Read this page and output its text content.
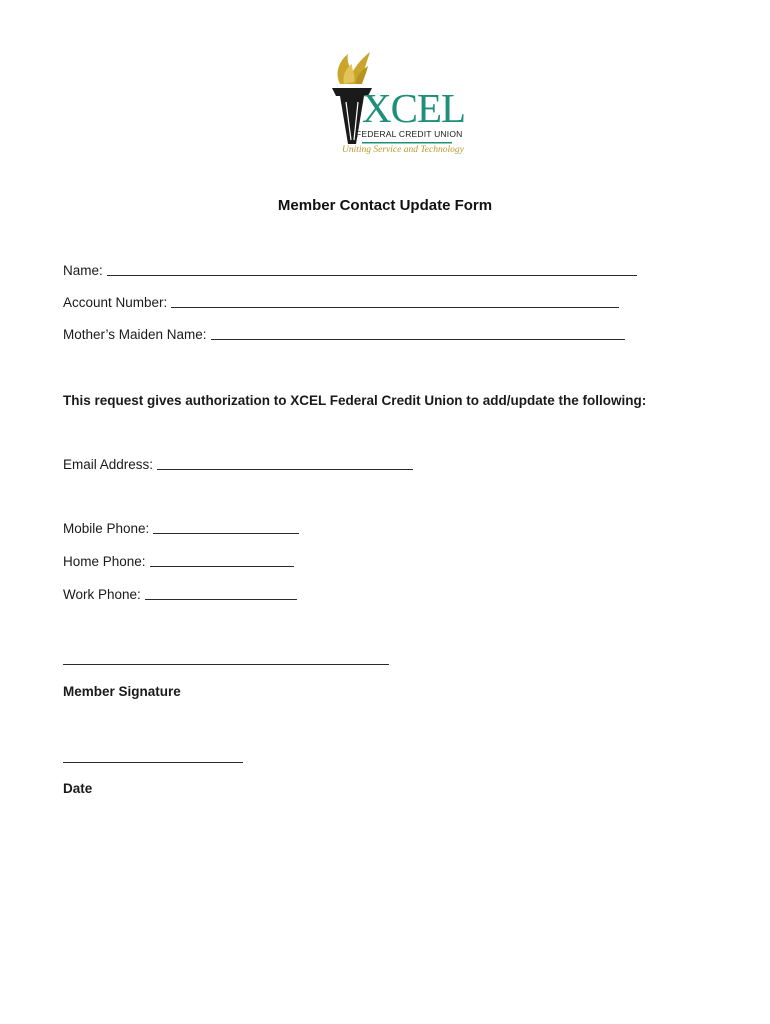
XCEL
FEDERAL CREDIT UNION
Uniting Service and Technology
Member Contact Update Form
Name:
Account Number:
Mother’s Maiden Name:
This request gives authorization to XCEL Federal Credit Union to add/update the following:
Email Address:
Mobile Phone:
Home Phone:
Work Phone:
Member Signature
Date
